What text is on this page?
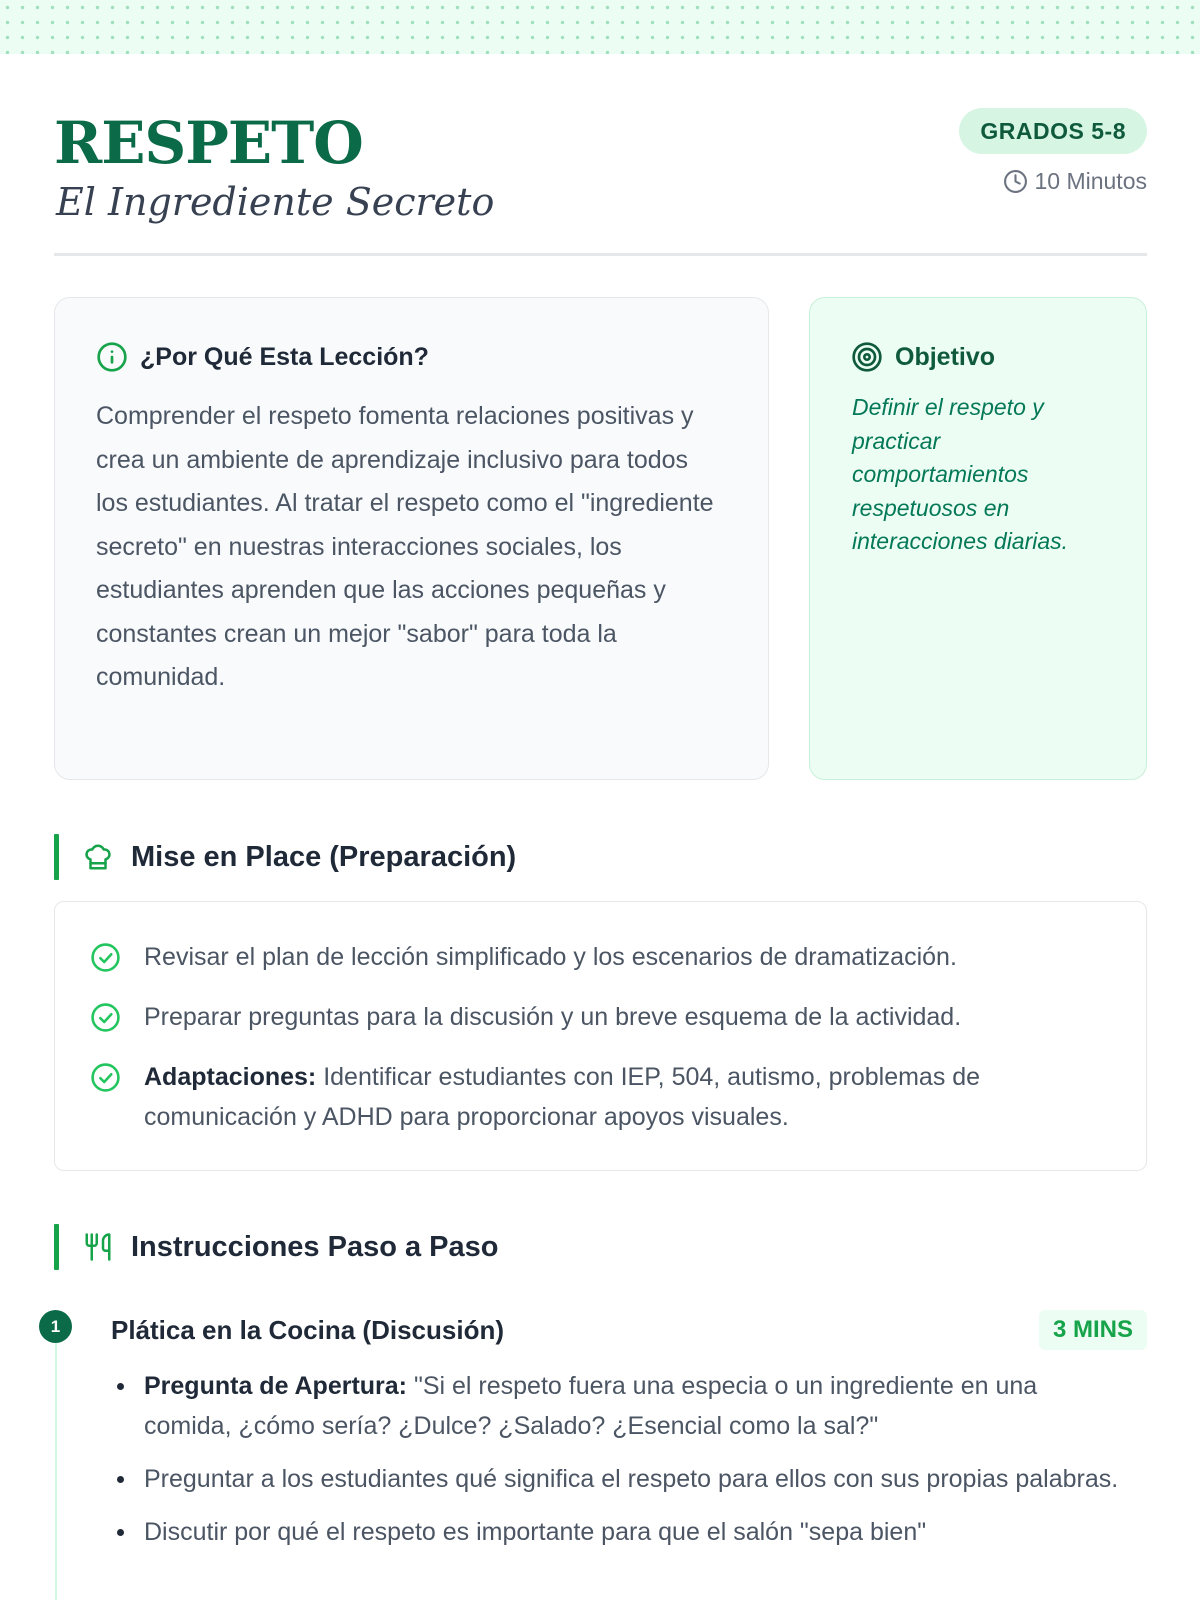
RESPETO
El Ingrediente Secreto
GRADOS 5-8
10 Minutos
¿Por Qué Esta Lección?

Comprender el respeto fomenta relaciones positivas y crea un ambiente de aprendizaje inclusivo para todos los estudiantes. Al tratar el respeto como el "ingrediente secreto" en nuestras interacciones sociales, los estudiantes aprenden que las acciones pequeñas y constantes crean un mejor "sabor" para toda la comunidad.

Objetivo

Definir el respeto y practicar comportamientos respetuosos en interacciones diarias.

Mise en Place (Preparación)
Revisar el plan de lección simplificado y los escenarios de dramatización.
Preparar preguntas para la discusión y un breve esquema de la actividad.
Adaptaciones: Identificar estudiantes con IEP, 504, autismo, problemas de comunicación y ADHD para proporcionar apoyos visuales.
Instrucciones Paso a Paso
1	Plática en la Cocina (Discusión)	3 MINS
Pregunta de Apertura: "Si el respeto fuera una especia o un ingrediente en una comida, ¿cómo sería? ¿Dulce? ¿Salado? ¿Esencial como la sal?"
Preguntar a los estudiantes qué significa el respeto para ellos con sus propias palabras.
Discutir por qué el respeto es importante para que el salón "sepa bien"
